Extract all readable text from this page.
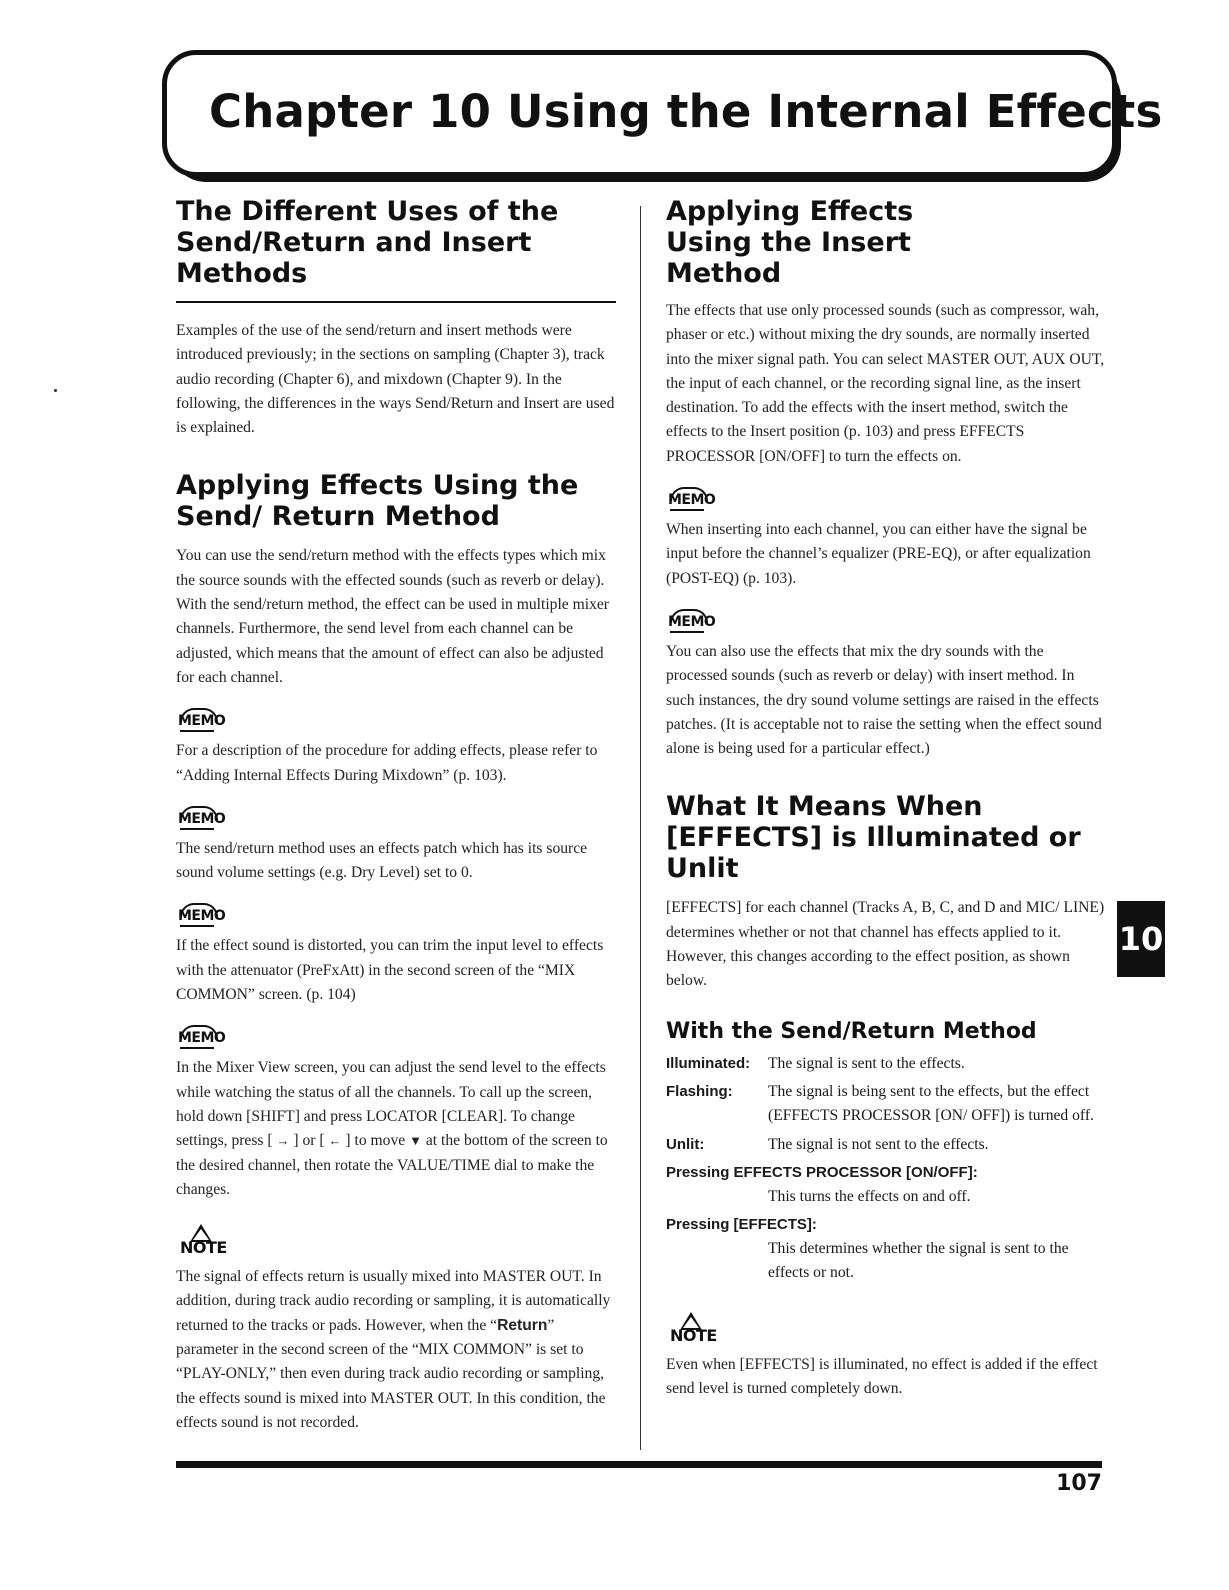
Chapter 10 Using the Internal Effects
The Different Uses of the Send/Return and Insert Methods

Examples of the use of the send/return and insert methods were introduced previously; in the sections on sampling (Chapter 3), track audio recording (Chapter 6), and mixdown (Chapter 9). In the following, the differences in the ways Send/Return and Insert are used is explained.

Applying Effects Using the Send/ Return Method

You can use the send/return method with the effects types which mix the source sounds with the effected sounds (such as reverb or delay). With the send/return method, the effect can be used in multiple mixer channels. Furthermore, the send level from each channel can be adjusted, which means that the amount of effect can also be adjusted for each channel.

MEMO

For a description of the procedure for adding effects, please refer to “Adding Internal Effects During Mixdown” (p. 103).

MEMO

The send/return method uses an effects patch which has its source sound volume settings (e.g. Dry Level) set to 0.

MEMO

If the effect sound is distorted, you can trim the input level to effects with the attenuator (PreFxAtt) in the second screen of the “MIX COMMON” screen. (p. 104)

MEMO

In the Mixer View screen, you can adjust the send level to the effects while watching the status of all the channels. To call up the screen, hold down [SHIFT] and press LOCATOR [CLEAR]. To change settings, press [ → ] or [ ← ] to move ▼ at the bottom of the screen to the desired channel, then rotate the VALUE/TIME dial to make the changes.

NOTE

The signal of effects return is usually mixed into MASTER OUT. In addition, during track audio recording or sampling, it is automatically returned to the tracks or pads. However, when the “Return” parameter in the second screen of the “MIX COMMON” is set to “PLAY-ONLY,” then even during track audio recording or sampling, the effects sound is mixed into MASTER OUT. In this condition, the effects sound is not recorded.

Applying Effects Using the Insert Method

The effects that use only processed sounds (such as compressor, wah, phaser or etc.) without mixing the dry sounds, are normally inserted into the mixer signal path. You can select MASTER OUT, AUX OUT, the input of each channel, or the recording signal line, as the insert destination. To add the effects with the insert method, switch the effects to the Insert position (p. 103) and press EFFECTS PROCESSOR [ON/OFF] to turn the effects on.

MEMO

When inserting into each channel, you can either have the signal be input before the channel’s equalizer (PRE-EQ), or after equalization (POST-EQ) (p. 103).

MEMO

You can also use the effects that mix the dry sounds with the processed sounds (such as reverb or delay) with insert method. In such instances, the dry sound volume settings are raised in the effects patches. (It is acceptable not to raise the setting when the effect sound alone is being used for a particular effect.)

What It Means When [EFFECTS] is Illuminated or Unlit

[EFFECTS] for each channel (Tracks A, B, C, and D and MIC/ LINE) determines whether or not that channel has effects applied to it. However, this changes according to the effect position, as shown below.

With the Send/Return Method
Illuminated:	The signal is sent to the effects.
Flashing:	The signal is being sent to the effects, but the effect (EFFECTS PROCESSOR [ON/ OFF]) is turned off.
Unlit:	The signal is not sent to the effects.
Pressing EFFECTS PROCESSOR [ON/OFF]:
This turns the effects on and off.
Pressing [EFFECTS]:
This determines whether the signal is sent to the effects or not.
NOTE

Even when [EFFECTS] is illuminated, no effect is added if the effect send level is turned completely down.

10
107
